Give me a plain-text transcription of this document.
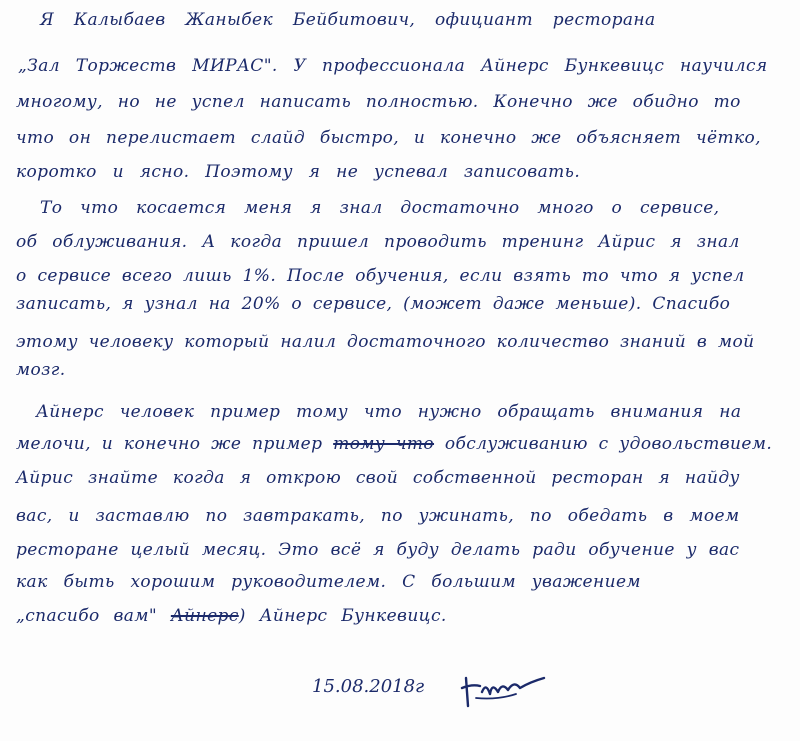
Я Калыбаев Жаныбек Бейбитович, официант ресторана
„Зал Торжеств МИРАС". У профессионала Айнерс Бункевицс научился
многому, но не успел написать полностью. Конечно же обидно то
что он перелистает слайд быстро, и конечно же объясняет чётко,
коротко и ясно. Поэтому я не успевал записовать.
То что косается меня я знал достаточно много о сервисе,
об облуживания. А когда пришел проводить тренинг Айрис я знал
о сервисе всего лишь 1%. После обучения, если взять то что я успел
записать, я узнал на 20% о сервисе, (может даже меньше). Спасибо
этому человеку который налил достаточного количество знаний в мой
мозг.
Айнерс человек пример тому что нужно обращать внимания на
мелочи, и конечно же пример тому что обслуживанию с удовольствием.
Айрис знайте когда я открою свой собственной ресторан я найду
вас, и заставлю по завтракать, по ужинать, по обедать в моем
ресторане целый месяц. Это всё я буду делать ради обучение у вас
как быть хорошим руководителем. С большим уважением
„спасибо вам" Айнерс) Айнерс Бункевицс.
15.08.2018г
